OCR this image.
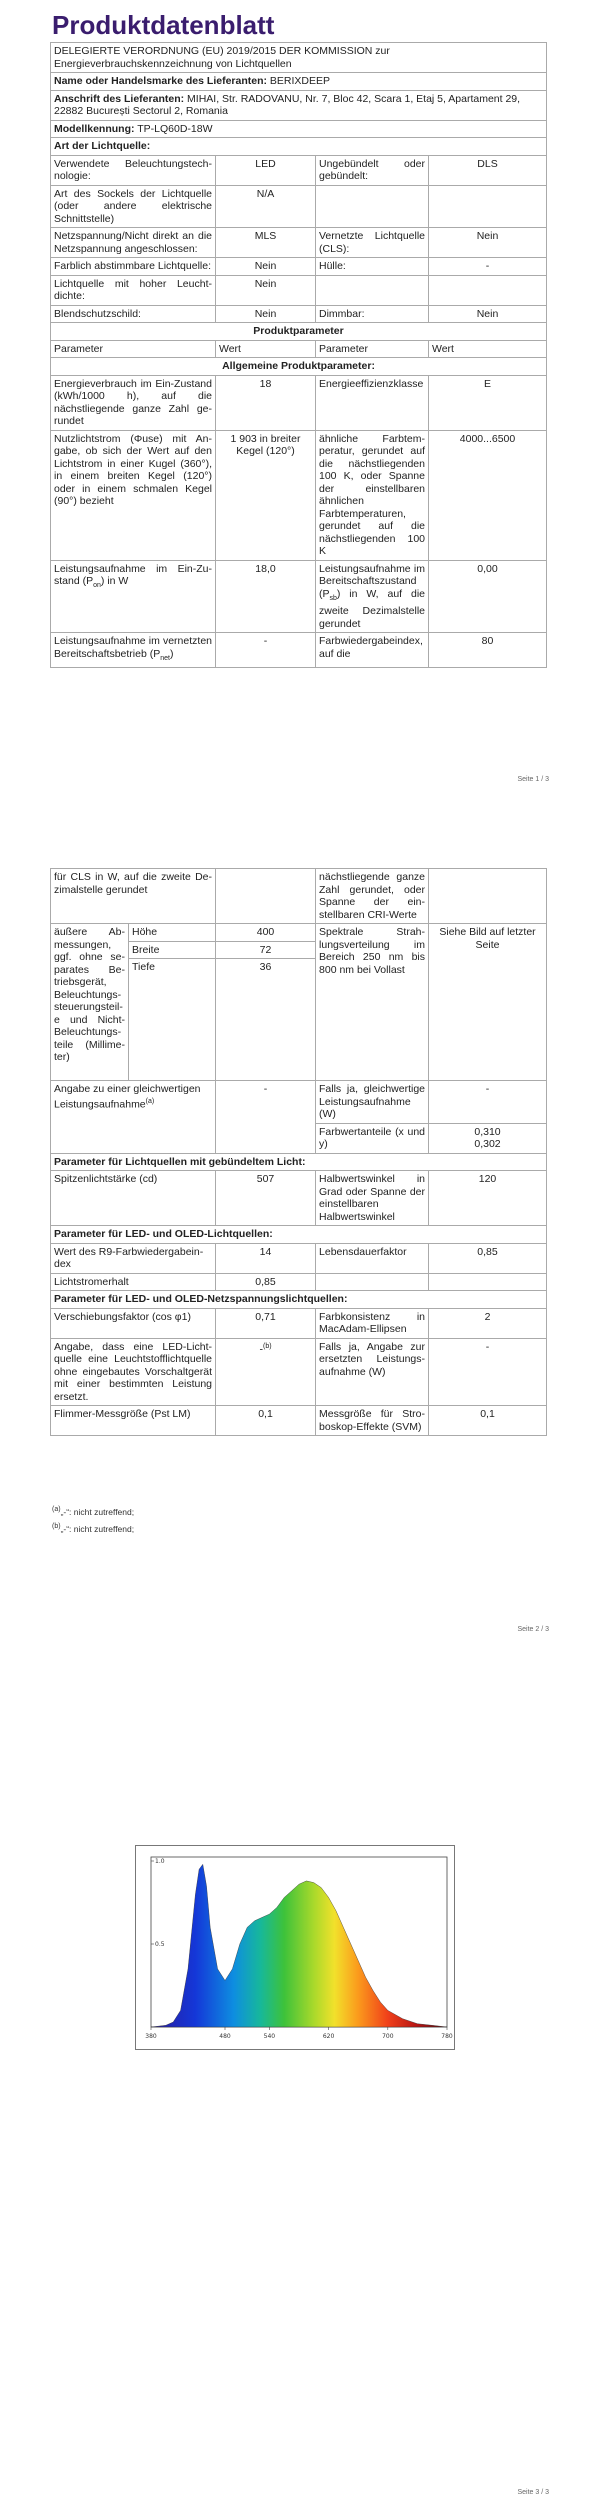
Produktdatenblatt
DELEGIERTE VERORDNUNG (EU) 2019/2015 DER KOMMISSION zur Energieverbrauchskennzeichnung von Lichtquellen			
Name oder Handelsmarke des Lieferanten: BERIXDEEP			
Anschrift des Lieferanten: MIHAI, Str. RADOVANU, Nr. 7, Bloc 42, Scara 1, Etaj 5, Apartament 29, 22882 București Sectorul 2, Romania			
Modellkennung: TP-LQ60D-18W			
Art der Lichtquelle:			
Verwendete Beleuchtungstechnologie:	LED	Ungebündelt oder gebündelt:	DLS
Art des Sockels der Lichtquelle (oder andere elektrische Schnittstelle)	N/A		
Netzspannung/Nicht direkt an die Netzspannung angeschlossen:	MLS	Vernetzte Lichtquelle (CLS):	Nein
Farblich abstimmbare Lichtquelle:	Nein	Hülle:	-
Lichtquelle mit hoher Leuchtdichte:	Nein		
Blendschutzschild:	Nein	Dimmbar:	Nein
Produktparameter			
Parameter	Wert	Parameter	Wert
Allgemeine Produktparameter:			
Energieverbrauch im Ein-Zustand (kWh/1000 h), auf die nächstliegende ganze Zahl gerundet	18	Energieeffizienzklasse	E
Nutzlichtstrom (Φuse) mit Angabe, ob sich der Wert auf den Lichtstrom in einer Kugel (360°), in einem breiten Kegel (120°) oder in einem schmalen Kegel (90°) bezieht	1 903 in breiter Kegel (120°)	ähnliche Farbtemperatur, gerundet auf die nächstliegenden 100 K, oder Spanne der einstellbaren ähnlichen Farbtemperaturen, gerundet auf die nächstliegenden 100 K	4000...6500
Leistungsaufnahme im Ein-Zustand $(P_{on})$ in W	18,0	Leistungsaufnahme im Bereitschaftszustand $(P_{sb})$ in W, auf die zweite Dezimalstelle gerundet	0,00
Leistungsaufnahme im vernetzten Bereitschaftsbetrieb $(P_{net})$	-	Farbwiedergabeindex, auf die	80
Seite 1 / 3
für CLS in W, auf die zweite Dezimalstelle gerundet			nächstliegende ganze Zahl gerundet, oder Spanne der einstellbaren CRI-Werte	
äußere Abmessungen, ggf. ohne separates Betriebsgerät, Beleuchtungssteuerungsteile und Nicht-Beleuchtungsteile (Millimeter)	Höhe	400	Spektrale Strahlungsverteilung im Bereich 250 nm bis 800 nm bei Vollast	Siehe Bild auf letzter Seite
	Breite	72		
	Tiefe	36		
Angabe zu einer gleichwertigen Leistungsaufnahme$^{(a)}$		-	Falls ja, gleichwertige Leistungsaufnahme (W)	-
			Farbwertanteile (x und y)	0,310
0,302

Parameter für Lichtquellen mit gebündeltem Licht:				
Spitzenlichtstärke (cd)		507	Halbwertswinkel in Grad oder Spanne der einstellbaren Halbwertswinkel	120
Parameter für LED- und OLED-Lichtquellen:				
Wert des R9-Farbwiedergabeindex		14	Lebensdauerfaktor	0,85
Lichtstromerhalt		0,85		
Parameter für LED- und OLED-Netzspannungslichtquellen:				
Verschiebungsfaktor (cos φ1)		0,71	Farbkonsistenz in MacAdam-Ellipsen	2
Angabe, dass eine LED-Lichtquelle eine Leuchtstofflichtquelle ohne eingebautes Vorschaltgerät mit einer bestimmten Leistung ersetzt.		-$^{(b)}$	Falls ja, Angabe zur ersetzten Leistungsaufnahme (W)	-
Flimmer-Messgröße (Pst LM)		0,1	Messgröße für Stroboskop-Effekte (SVM)	0,1
$^{(a)}$„-“: nicht zutreffend;
$^{(b)}$„-“: nicht zutreffend;
Seite 2 / 3
380	480	540	620	700	780
1.0
0.5
Seite 3 / 3
